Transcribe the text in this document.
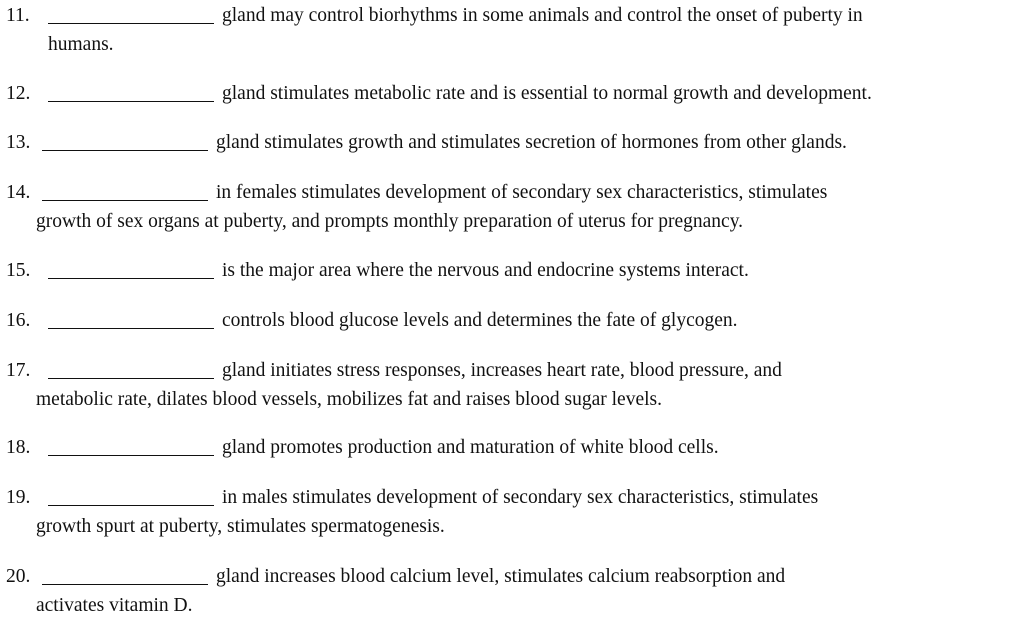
11.	gland may control biorhythms in some animals and control the onset of puberty in
humans.
12.	gland stimulates metabolic rate and is essential to normal growth and development.
13.	gland stimulates growth and stimulates secretion of hormones from other glands.
14.	in females stimulates development of secondary sex characteristics, stimulates
growth of sex organs at puberty, and prompts monthly preparation of uterus for pregnancy.
15.	is the major area where the nervous and endocrine systems interact.
16.	controls blood glucose levels and determines the fate of glycogen.
17.	gland initiates stress responses, increases heart rate, blood pressure, and
metabolic rate, dilates blood vessels, mobilizes fat and raises blood sugar levels.
18.	gland promotes production and maturation of white blood cells.
19.	in males stimulates development of secondary sex characteristics, stimulates
growth spurt at puberty, stimulates spermatogenesis.
20.	gland increases blood calcium level, stimulates calcium reabsorption and
activates vitamin D.
